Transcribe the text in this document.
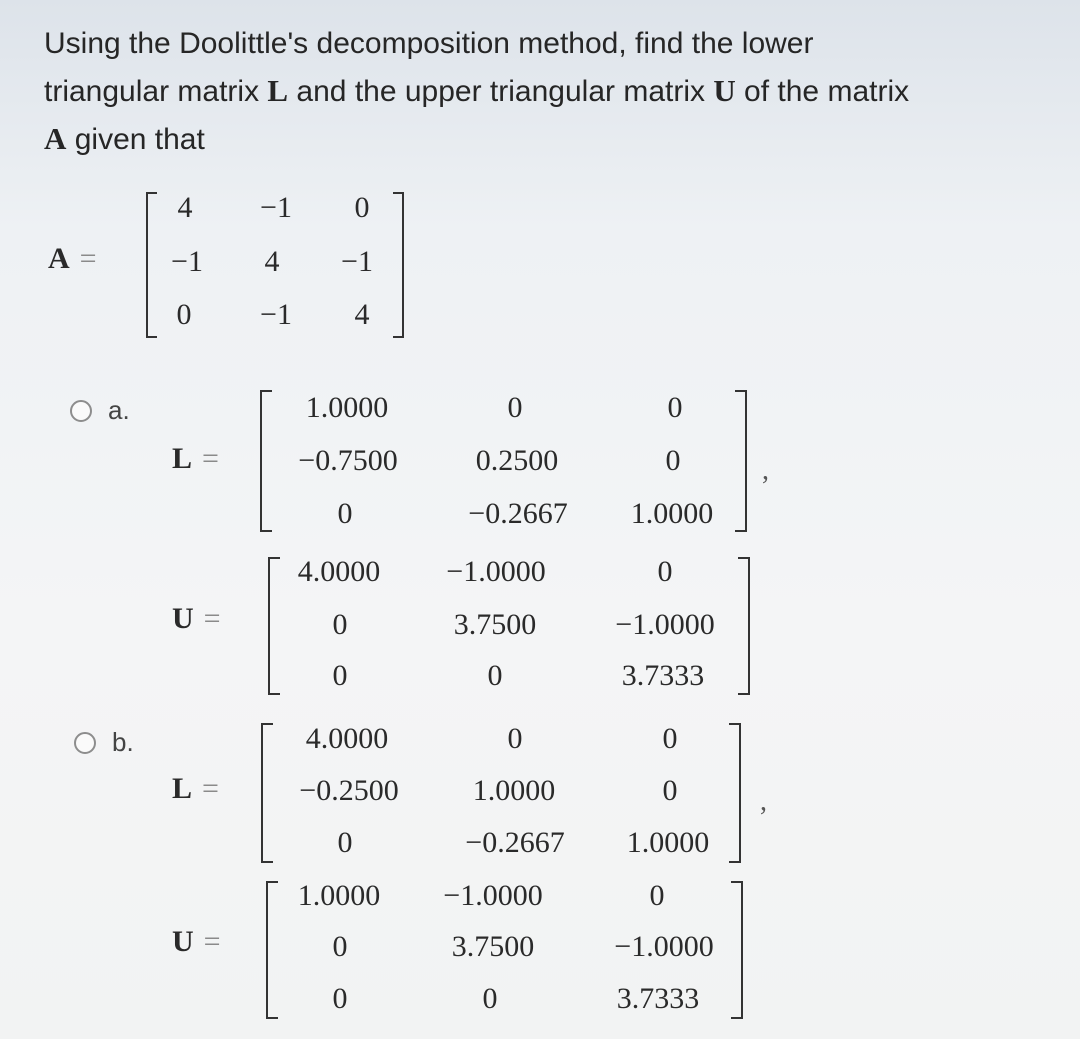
Using the Doolittle's decomposition method, find the lower
triangular matrix L and the upper triangular matrix U of the matrix
A given that
A =
4 −1 0
−1 4 −1
0 −1 4
a.
L =	,
1.0000	0	0
−0.7500	0.2500	0
0	−0.2667 1.0000
U =
4.0000 −1.0000	0
0	3.7500	−1.0000
0	0	3.7333
b.
L =	,
4.0000	0	0
−0.2500 1.0000	0
0	−0.2667 1.0000
U =
1.0000 −1.0000	0
0	3.7500	−1.0000
0	0	3.7333
